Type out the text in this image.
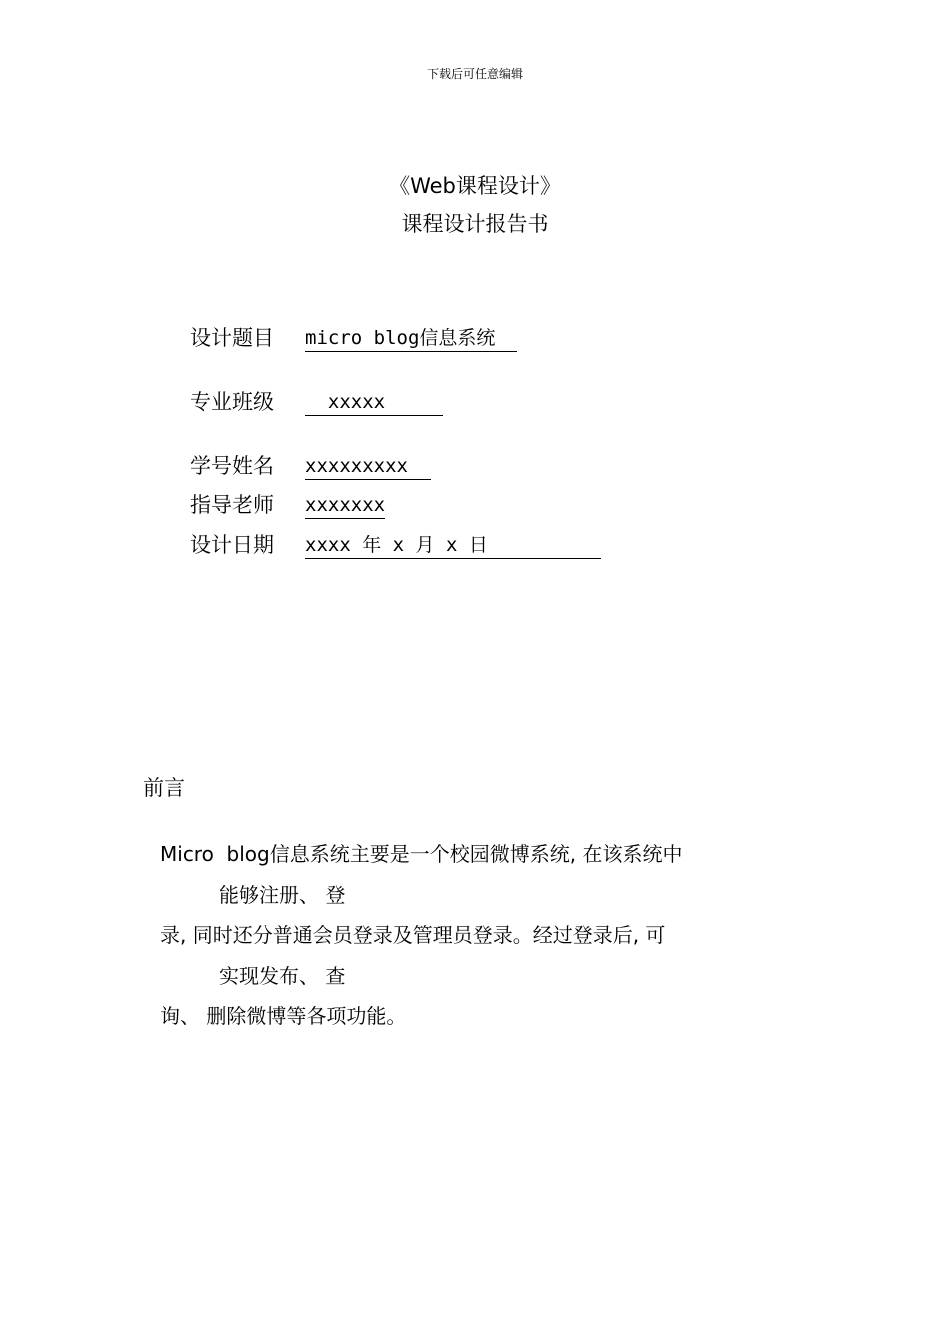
下载后可任意编辑
《Web课程设计》
课程设计报告书
设计题目	micro blog信息系统
专业班级	xxxxx
学号姓名	xxxxxxxxx
指导老师	xxxxxxx
设计日期	xxxx 年 x 月 x 日
前言
Micro  blog信息系统主要是一个校园微博系统, 在该系统中
能够注册、 登
录, 同时还分普通会员登录及管理员登录。经过登录后, 可
实现发布、 查
询、 删除微博等各项功能。
